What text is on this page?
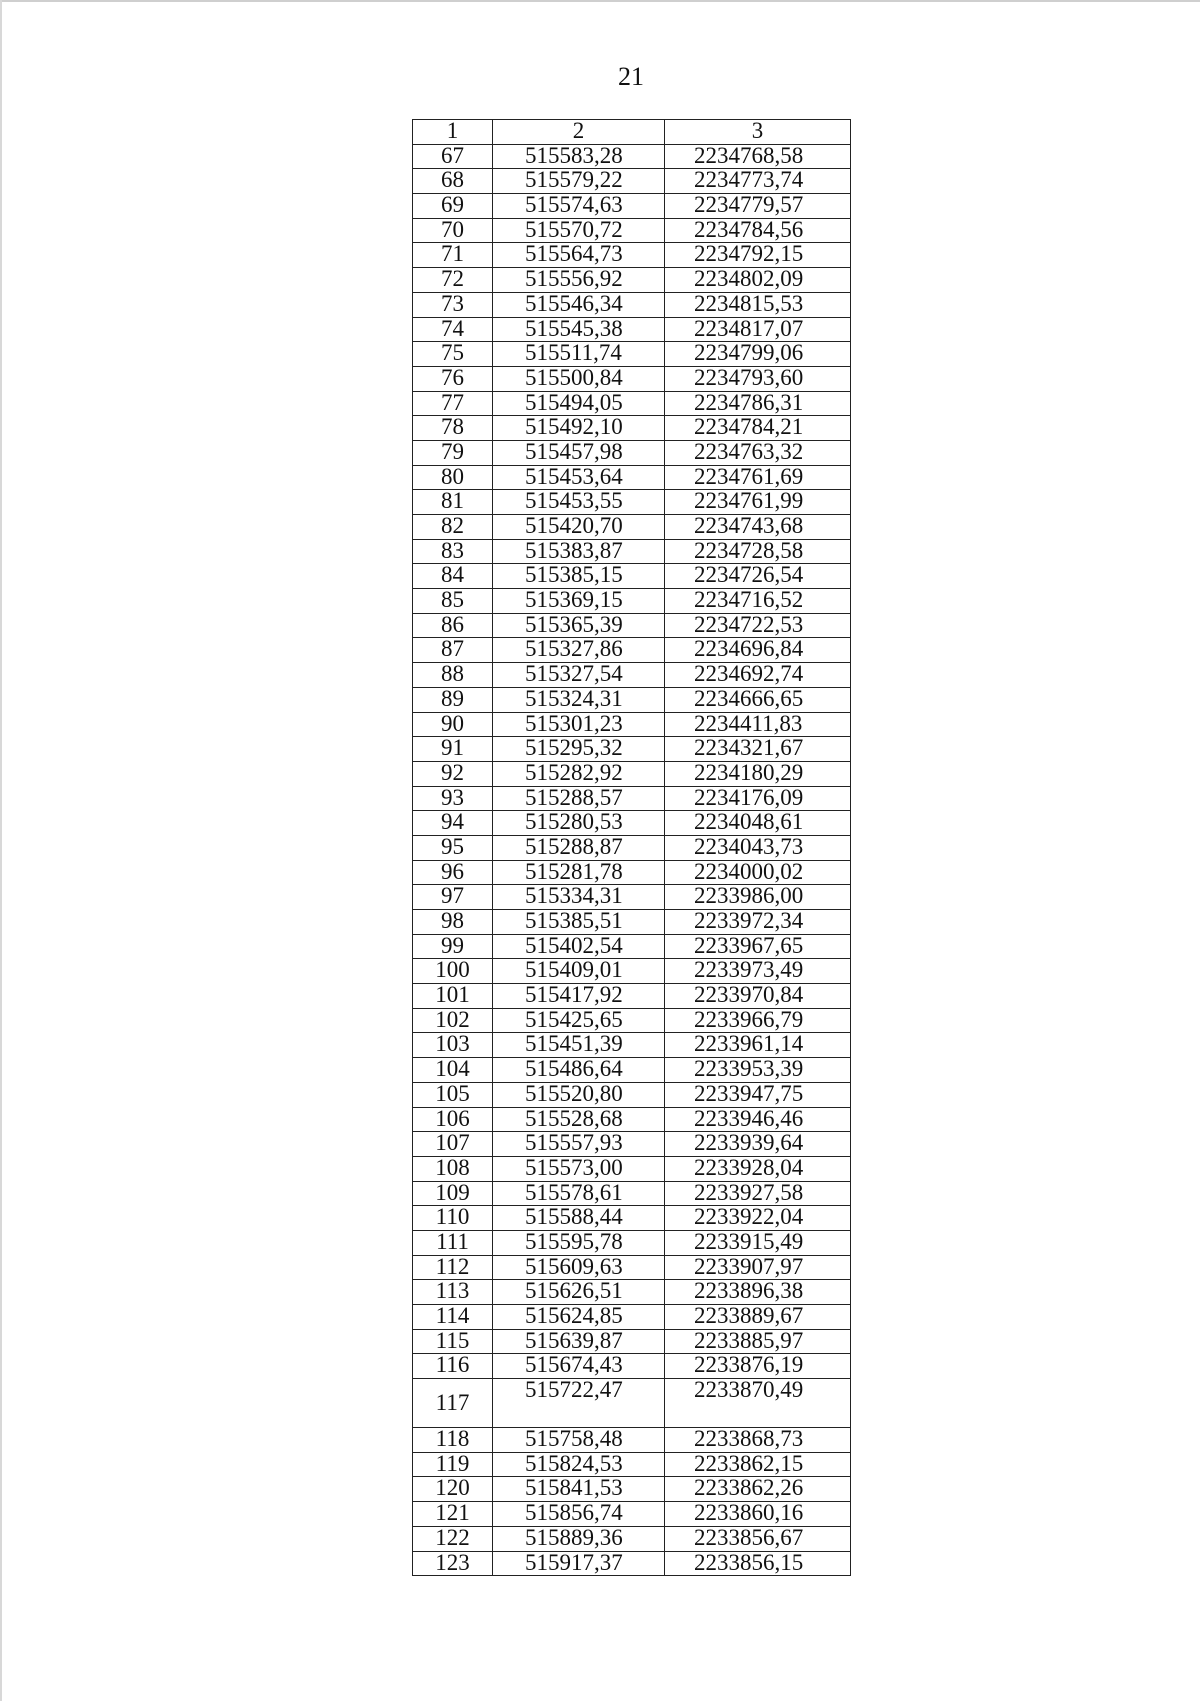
21
1	2	3
67	515583,28	2234768,58
68	515579,22	2234773,74
69	515574,63	2234779,57
70	515570,72	2234784,56
71	515564,73	2234792,15
72	515556,92	2234802,09
73	515546,34	2234815,53
74	515545,38	2234817,07
75	515511,74	2234799,06
76	515500,84	2234793,60
77	515494,05	2234786,31
78	515492,10	2234784,21
79	515457,98	2234763,32
80	515453,64	2234761,69
81	515453,55	2234761,99
82	515420,70	2234743,68
83	515383,87	2234728,58
84	515385,15	2234726,54
85	515369,15	2234716,52
86	515365,39	2234722,53
87	515327,86	2234696,84
88	515327,54	2234692,74
89	515324,31	2234666,65
90	515301,23	2234411,83
91	515295,32	2234321,67
92	515282,92	2234180,29
93	515288,57	2234176,09
94	515280,53	2234048,61
95	515288,87	2234043,73
96	515281,78	2234000,02
97	515334,31	2233986,00
98	515385,51	2233972,34
99	515402,54	2233967,65
100	515409,01	2233973,49
101	515417,92	2233970,84
102	515425,65	2233966,79
103	515451,39	2233961,14
104	515486,64	2233953,39
105	515520,80	2233947,75
106	515528,68	2233946,46
107	515557,93	2233939,64
108	515573,00	2233928,04
109	515578,61	2233927,58
110	515588,44	2233922,04
111	515595,78	2233915,49
112	515609,63	2233907,97
113	515626,51	2233896,38
114	515624,85	2233889,67
115	515639,87	2233885,97
116	515674,43	2233876,19
117	515722,47	2233870,49
118	515758,48	2233868,73
119	515824,53	2233862,15
120	515841,53	2233862,26
121	515856,74	2233860,16
122	515889,36	2233856,67
123	515917,37	2233856,15
